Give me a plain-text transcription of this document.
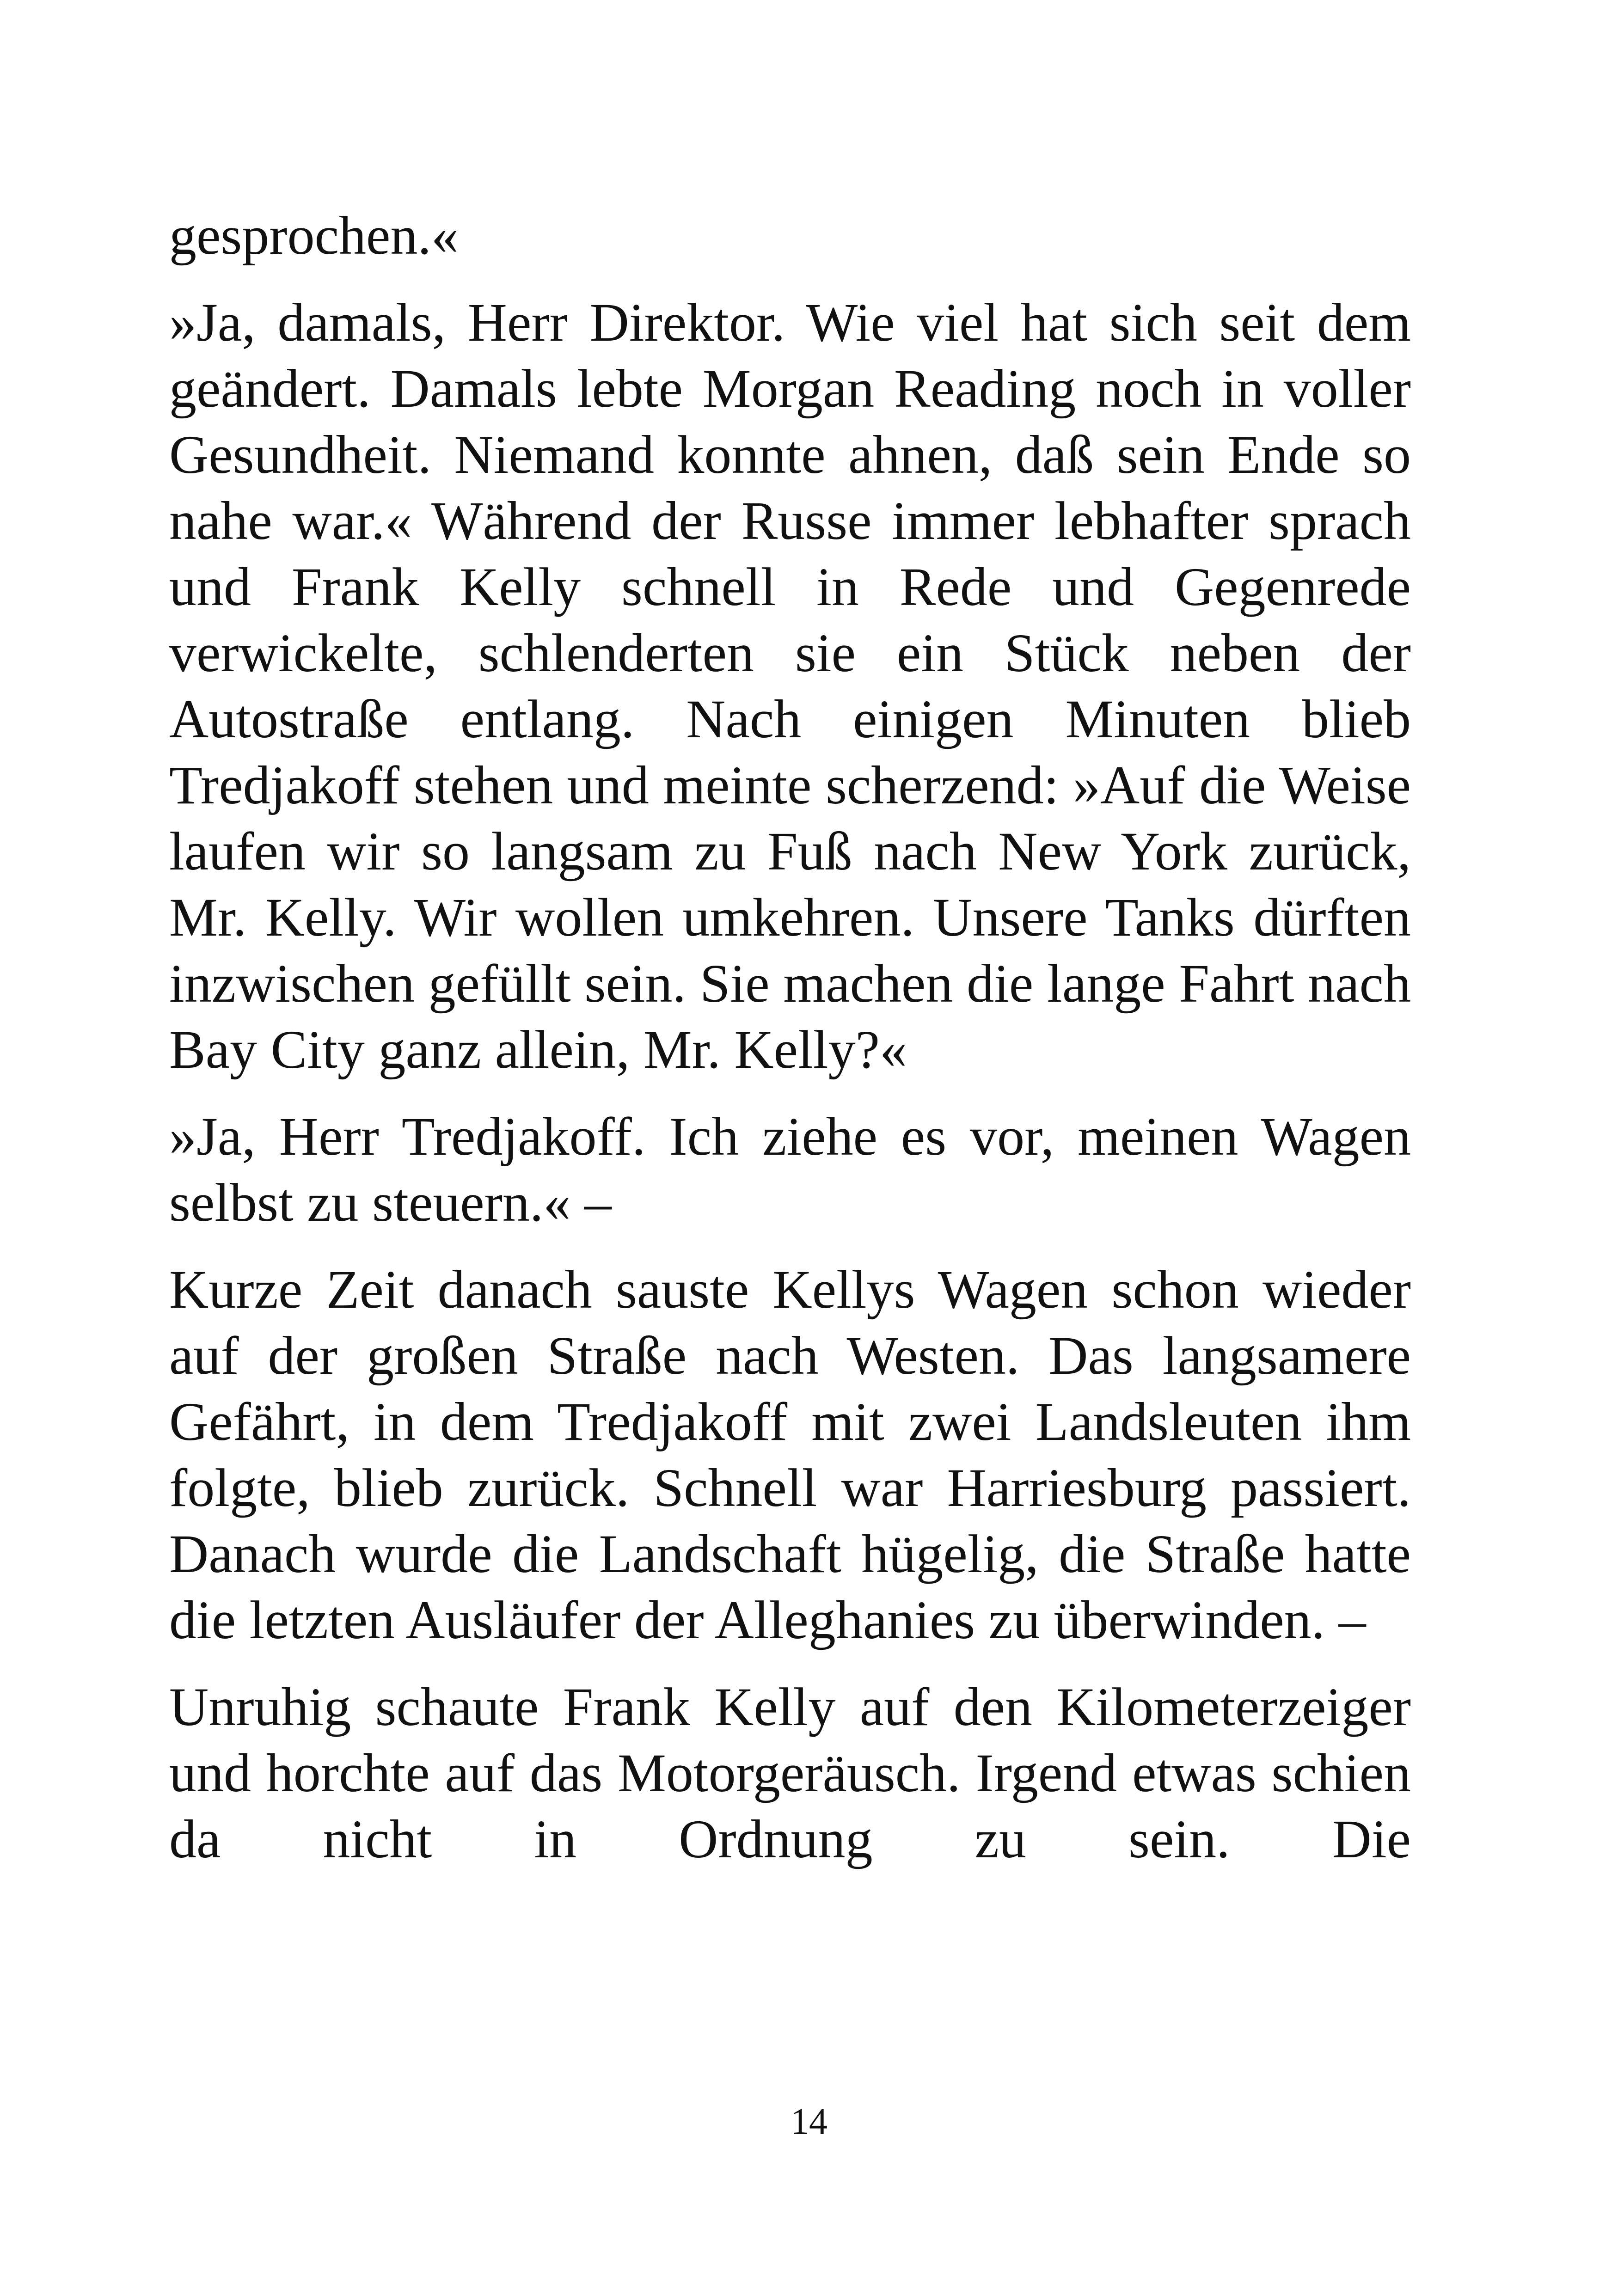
gesprochen.«

»Ja, damals, Herr Direktor. Wie viel hat sich seit dem geändert. Damals lebte Morgan Reading noch in voller Gesundheit. Niemand konnte ahnen, daß sein Ende so nahe war.« Während der Russe immer lebhafter sprach und Frank Kelly schnell in Rede und Gegenrede verwickelte, schlenderten sie ein Stück neben der Autostraße entlang. Nach einigen Minuten blieb Tredjakoff stehen und meinte scherzend: »Auf die Weise laufen wir so langsam zu Fuß nach New York zurück, Mr. Kelly. Wir wollen umkehren. Unsere Tanks dürften inzwischen gefüllt sein. Sie machen die lange Fahrt nach Bay City ganz allein, Mr. Kelly?«

»Ja, Herr Tredjakoff. Ich ziehe es vor, meinen Wagen selbst zu steuern.« –

Kurze Zeit danach sauste Kellys Wagen schon wieder auf der großen Straße nach Westen. Das langsamere Gefährt, in dem Tredjakoff mit zwei Landsleuten ihm folgte, blieb zurück. Schnell war Harriesburg passiert. Danach wurde die Landschaft hügelig, die Straße hatte die letzten Ausläufer der Alleghanies zu überwinden. –

Unruhig schaute Frank Kelly auf den Kilometerzeiger und horchte auf das Motorgeräusch. Irgend etwas schien da nicht in Ordnung zu sein. Die

14
